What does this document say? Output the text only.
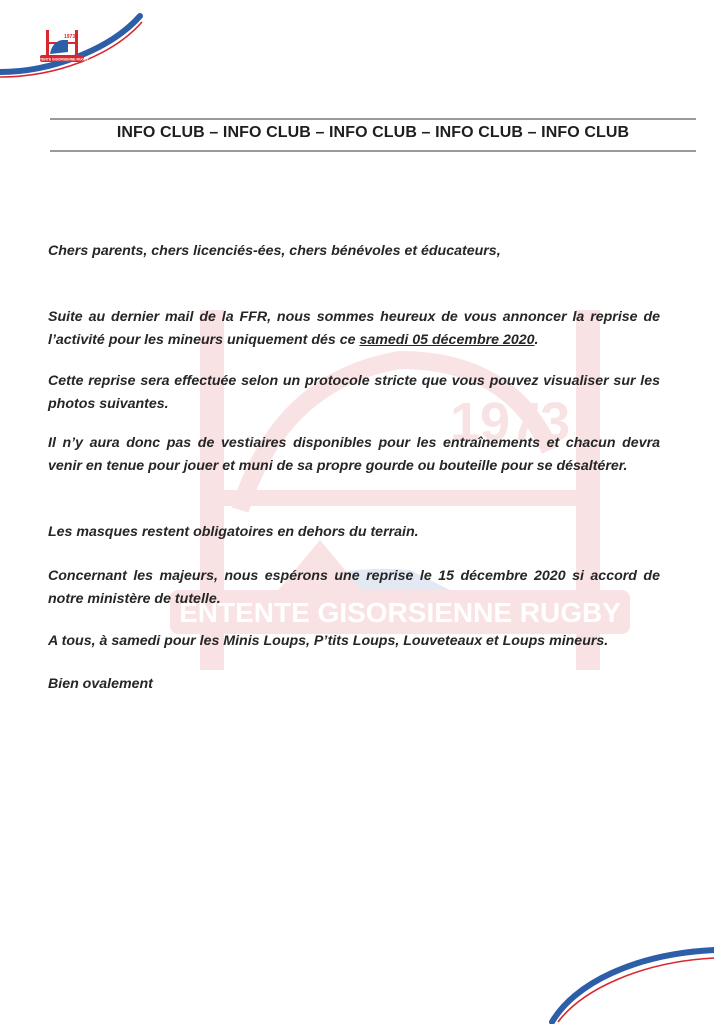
1973
ENTENTE GISORSIENNE RUGBY
1973
ENTENTE GISORSIENNE RUGBY
INFO CLUB – INFO CLUB – INFO CLUB – INFO CLUB – INFO CLUB
Chers parents, chers licenciés-ées, chers bénévoles et éducateurs,
Suite au dernier mail de la FFR, nous sommes heureux de vous annoncer la reprise de l’activité pour les mineurs uniquement dés ce samedi 05 décembre 2020.
Cette reprise sera effectuée selon un protocole stricte que vous pouvez visualiser sur les photos suivantes.
Il n’y aura donc pas de vestiaires disponibles pour les entraînements et chacun devra venir en tenue pour jouer et muni de sa propre gourde ou bouteille pour se désaltérer.
Les masques restent obligatoires en dehors du terrain.
Concernant les majeurs, nous espérons une reprise le 15 décembre 2020 si accord de notre ministère de tutelle.
A tous, à samedi pour les Minis Loups, P’tits Loups, Louveteaux et Loups mineurs.
Bien ovalement
